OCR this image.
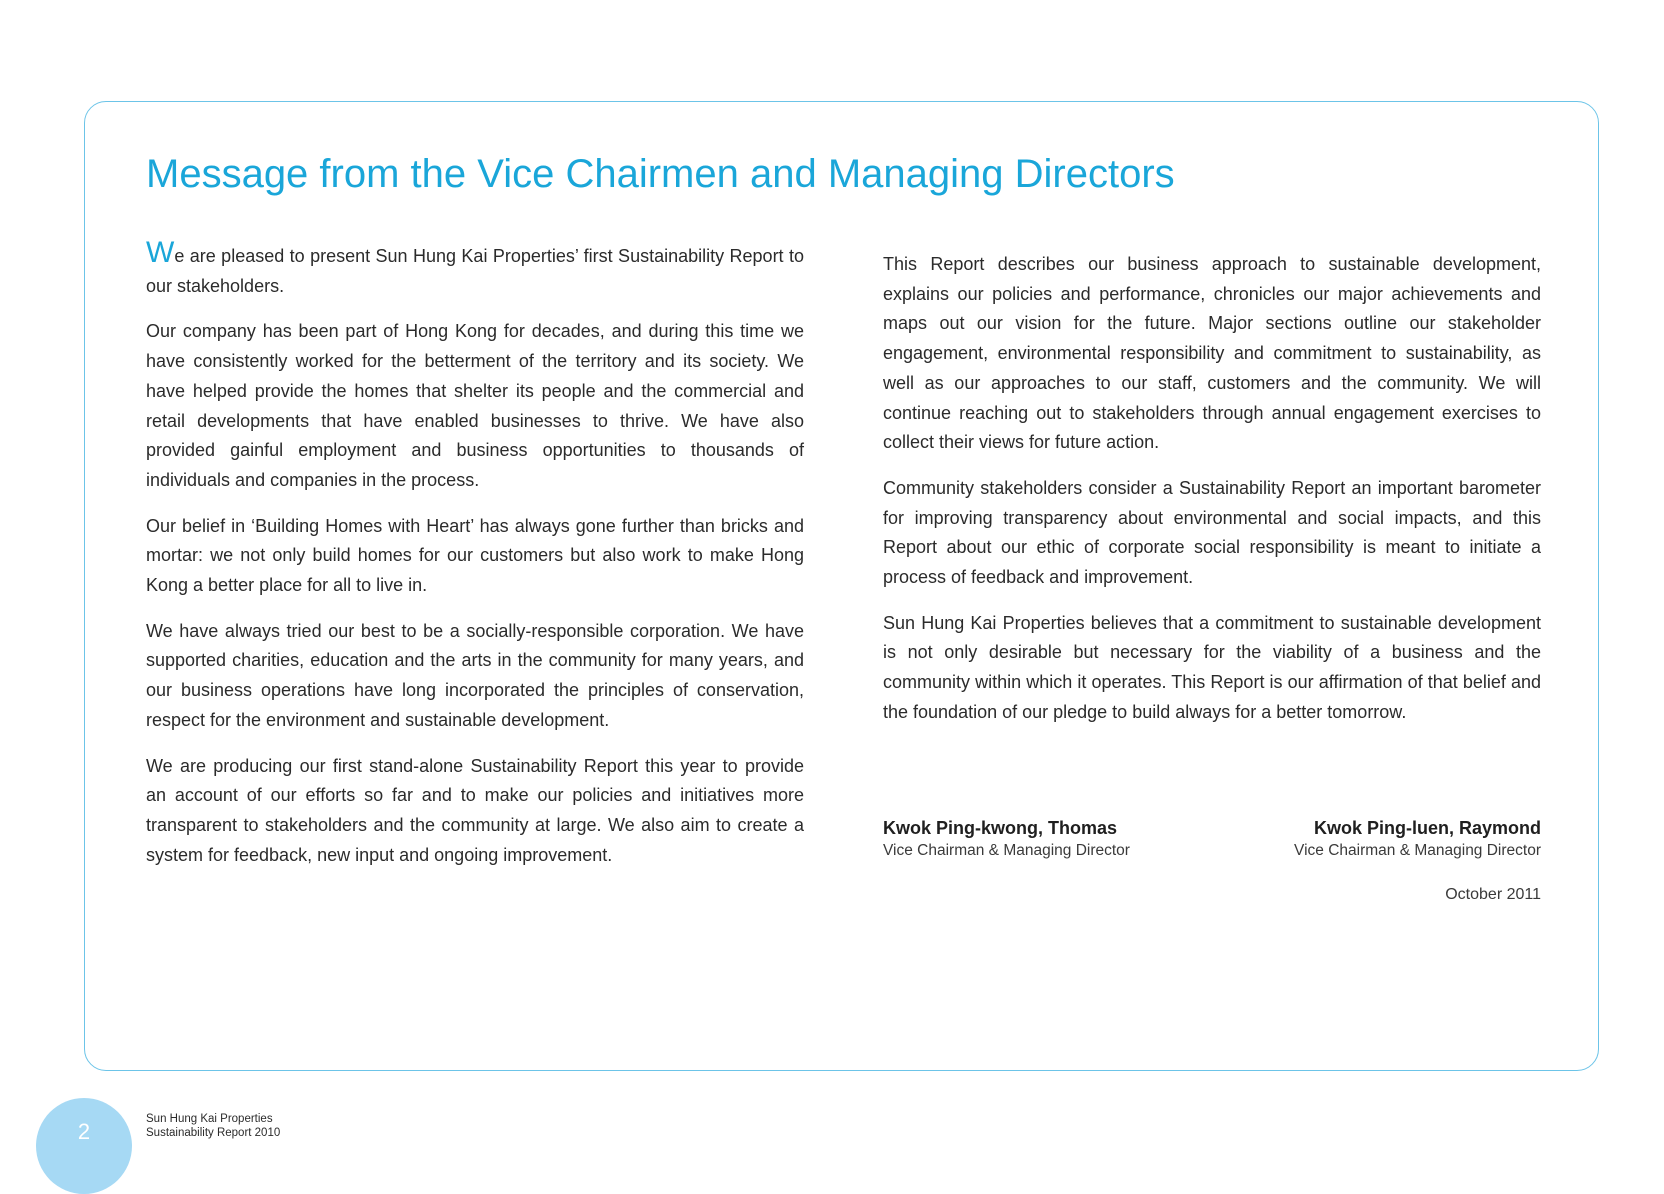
Message from the Vice Chairmen and Managing Directors

We are pleased to present Sun Hung Kai Properties’ first Sustainability Report to our stakeholders.

Our company has been part of Hong Kong for decades, and during this time we have consistently worked for the betterment of the territory and its society. We have helped provide the homes that shelter its people and the commercial and retail developments that have enabled businesses to thrive. We have also provided gainful employment and business opportunities to thousands of individuals and companies in the process.

Our belief in ‘Building Homes with Heart’ has always gone further than bricks and mortar: we not only build homes for our customers but also work to make Hong Kong a better place for all to live in.

We have always tried our best to be a socially-responsible corporation. We have supported charities, education and the arts in the community for many years, and our business operations have long incorporated the principles of conservation, respect for the environment and sustainable development.

We are producing our first stand-alone Sustainability Report this year to provide an account of our efforts so far and to make our policies and initiatives more transparent to stakeholders and the community at large. We also aim to create a system for feedback, new input and ongoing improvement.

This Report describes our business approach to sustainable development, explains our policies and performance, chronicles our major achievements and maps out our vision for the future. Major sections outline our stakeholder engagement, environmental responsibility and commitment to sustainability, as well as our approaches to our staff, customers and the community. We will continue reaching out to stakeholders through annual engagement exercises to collect their views for future action.

Community stakeholders consider a Sustainability Report an important barometer for improving transparency about environmental and social impacts, and this Report about our ethic of corporate social responsibility is meant to initiate a process of feedback and improvement.

Sun Hung Kai Properties believes that a commitment to sustainable development is not only desirable but necessary for the viability of a business and the community within which it operates. This Report is our affirmation of that belief and the foundation of our pledge to build always for a better tomorrow.

Kwok Ping-kwong, Thomas
Vice Chairman & Managing Director
Kwok Ping-luen, Raymond
Vice Chairman & Managing Director
October 2011
2	Sun Hung Kai Properties
Sustainability Report 2010
